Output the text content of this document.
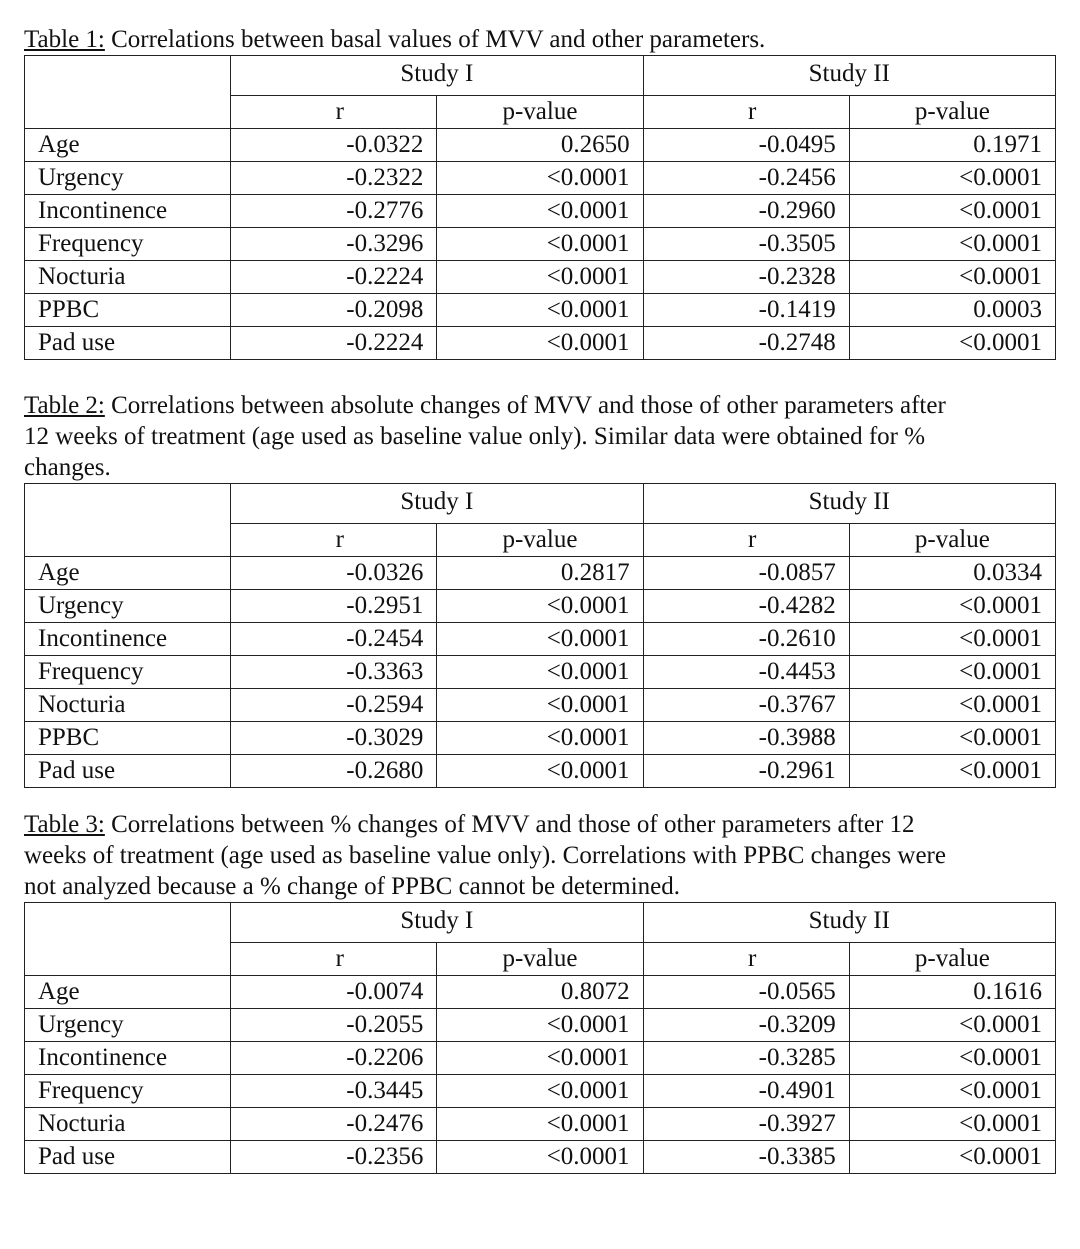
Table 1: Correlations between basal values of MVV and other parameters.

	Study I		Study II	
	r	p-value	r	p-value
Age	-0.0322	0.2650	-0.0495	0.1971
Urgency	-0.2322	<0.0001	-0.2456	<0.0001
Incontinence	-0.2776	<0.0001	-0.2960	<0.0001
Frequency	-0.3296	<0.0001	-0.3505	<0.0001
Nocturia	-0.2224	<0.0001	-0.2328	<0.0001
PPBC	-0.2098	<0.0001	-0.1419	0.0003
Pad use	-0.2224	<0.0001	-0.2748	<0.0001

Table 2: Correlations between absolute changes of MVV and those of other parameters after
12 weeks of treatment (age used as baseline value only). Similar data were obtained for %
changes.

	Study I		Study II	
	r	p-value	r	p-value
Age	-0.0326	0.2817	-0.0857	0.0334
Urgency	-0.2951	<0.0001	-0.4282	<0.0001
Incontinence	-0.2454	<0.0001	-0.2610	<0.0001
Frequency	-0.3363	<0.0001	-0.4453	<0.0001
Nocturia	-0.2594	<0.0001	-0.3767	<0.0001
PPBC	-0.3029	<0.0001	-0.3988	<0.0001
Pad use	-0.2680	<0.0001	-0.2961	<0.0001

Table 3: Correlations between % changes of MVV and those of other parameters after 12
weeks of treatment (age used as baseline value only). Correlations with PPBC changes were
not analyzed because a % change of PPBC cannot be determined.

	Study I		Study II	
	r	p-value	r	p-value
Age	-0.0074	0.8072	-0.0565	0.1616
Urgency	-0.2055	<0.0001	-0.3209	<0.0001
Incontinence	-0.2206	<0.0001	-0.3285	<0.0001
Frequency	-0.3445	<0.0001	-0.4901	<0.0001
Nocturia	-0.2476	<0.0001	-0.3927	<0.0001
Pad use	-0.2356	<0.0001	-0.3385	<0.0001
